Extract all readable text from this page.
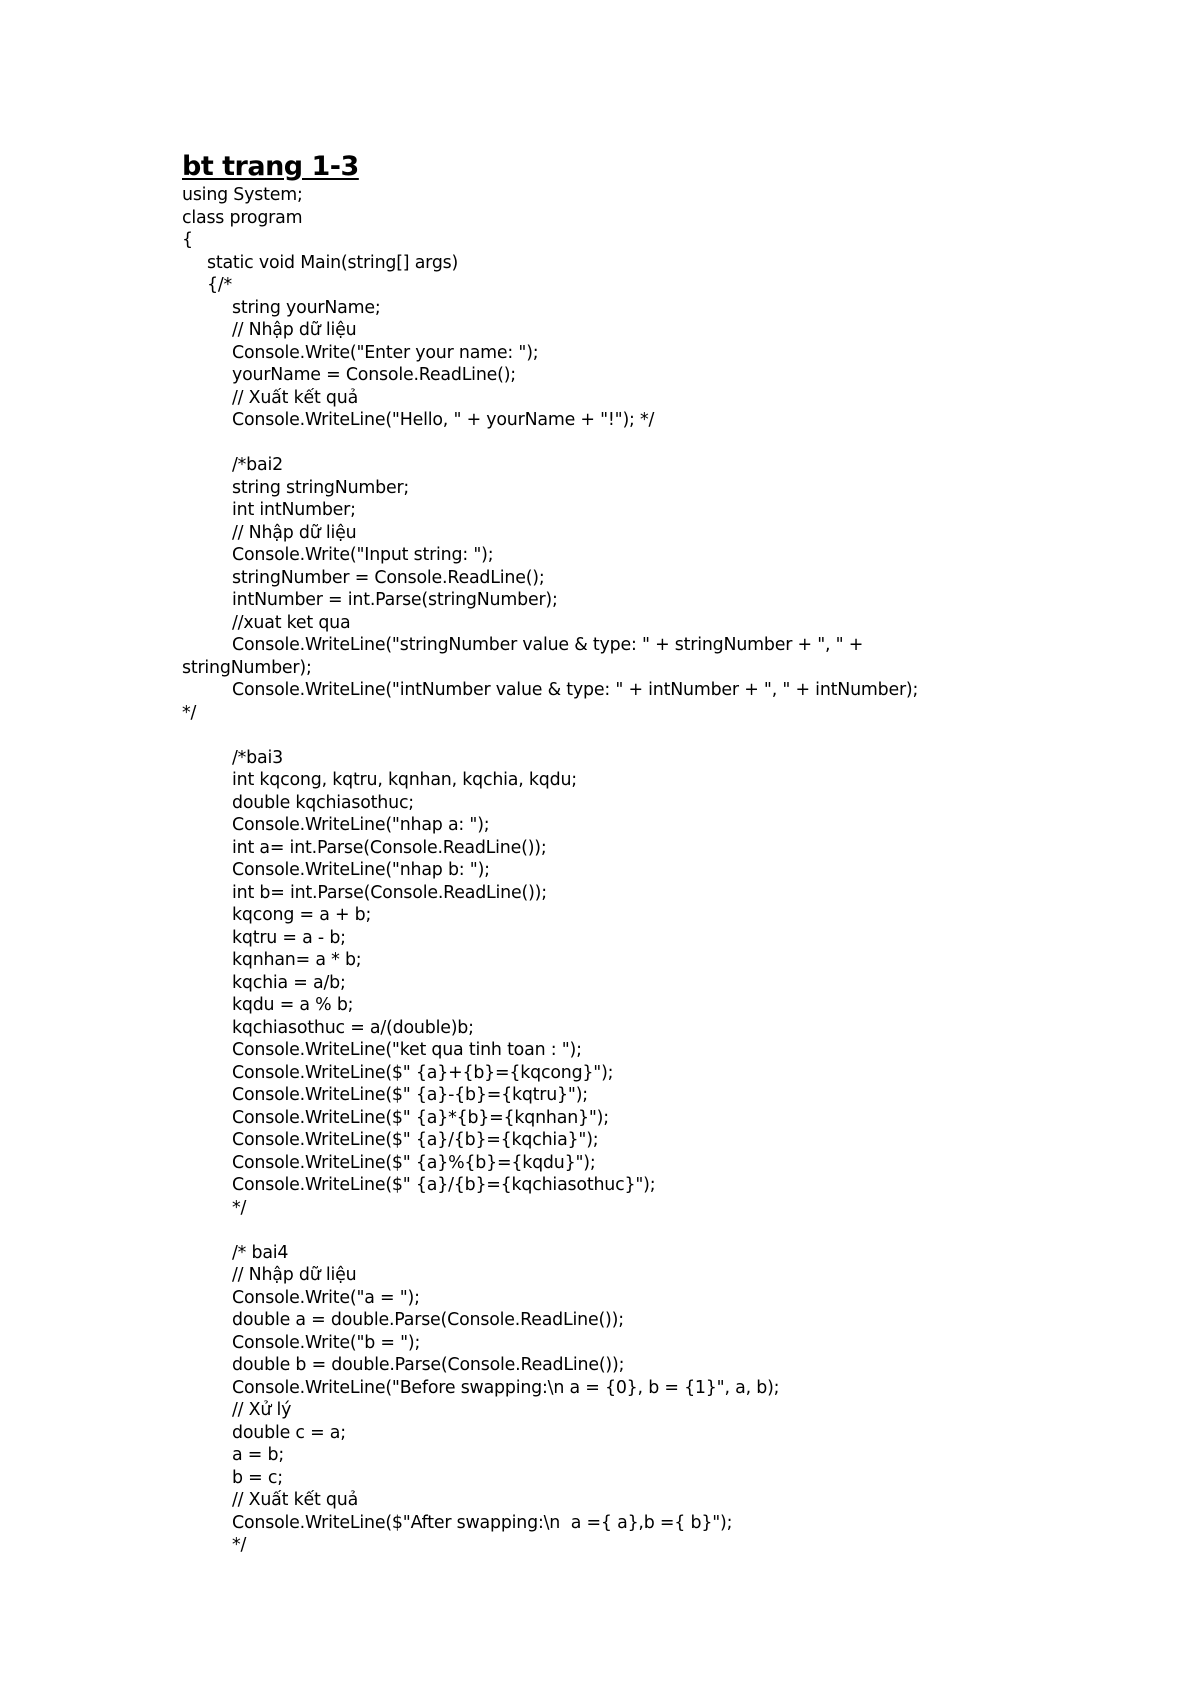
bt trang 1-3
using System;
class program
{
static void Main(string[] args)
{/*
string yourName;
// Nhập dữ liệu
Console.Write("Enter your name: ");
yourName = Console.ReadLine();
// Xuất kết quả
Console.WriteLine("Hello, " + yourName + "!"); */
/*bai2
string stringNumber;
int intNumber;
// Nhập dữ liệu
Console.Write("Input string: ");
stringNumber = Console.ReadLine();
intNumber = int.Parse(stringNumber);
//xuat ket qua
Console.WriteLine("stringNumber value & type: " + stringNumber + ", " +
stringNumber);
Console.WriteLine("intNumber value & type: " + intNumber + ", " + intNumber);
*/
/*bai3
int kqcong, kqtru, kqnhan, kqchia, kqdu;
double kqchiasothuc;
Console.WriteLine("nhap a: ");
int a= int.Parse(Console.ReadLine());
Console.WriteLine("nhap b: ");
int b= int.Parse(Console.ReadLine());
kqcong = a + b;
kqtru = a - b;
kqnhan= a * b;
kqchia = a/b;
kqdu = a % b;
kqchiasothuc = a/(double)b;
Console.WriteLine("ket qua tinh toan : ");
Console.WriteLine($" {a}+{b}={kqcong}");
Console.WriteLine($" {a}-{b}={kqtru}");
Console.WriteLine($" {a}*{b}={kqnhan}");
Console.WriteLine($" {a}/{b}={kqchia}");
Console.WriteLine($" {a}%{b}={kqdu}");
Console.WriteLine($" {a}/{b}={kqchiasothuc}");
*/
/* bai4
// Nhập dữ liệu
Console.Write("a = ");
double a = double.Parse(Console.ReadLine());
Console.Write("b = ");
double b = double.Parse(Console.ReadLine());
Console.WriteLine("Before swapping:\n a = {0}, b = {1}", a, b);
// Xử lý
double c = a;
a = b;
b = c;
// Xuất kết quả
Console.WriteLine($"After swapping:\n  a ={ a},b ={ b}");
*/
